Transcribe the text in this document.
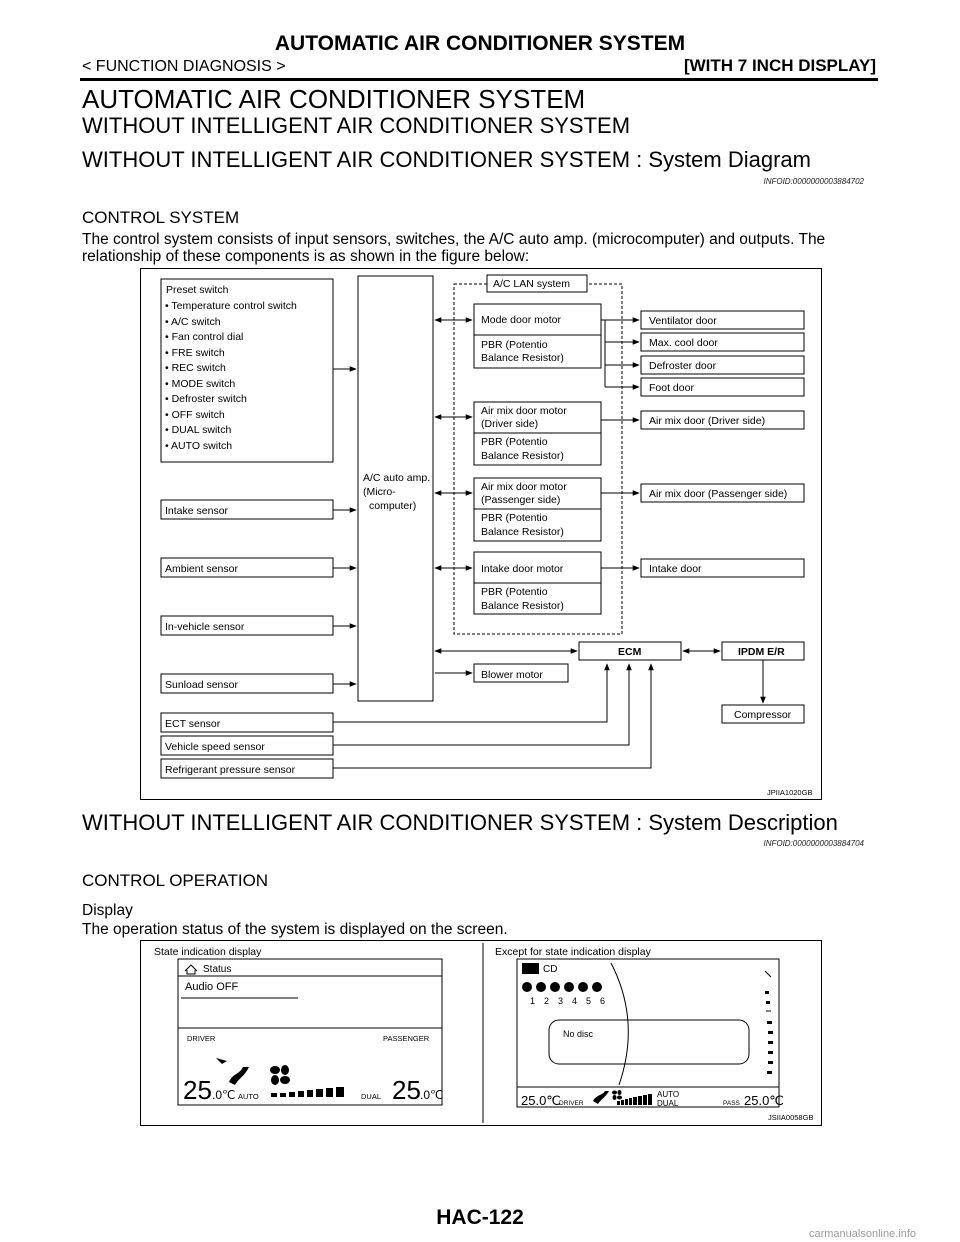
AUTOMATIC AIR CONDITIONER SYSTEM
< FUNCTION DIAGNOSIS >	[WITH 7 INCH DISPLAY]
AUTOMATIC AIR CONDITIONER SYSTEM
WITHOUT INTELLIGENT AIR CONDITIONER SYSTEM
WITHOUT INTELLIGENT AIR CONDITIONER SYSTEM : System Diagram
INFOID:0000000003884702
CONTROL SYSTEM
The control system consists of input sensors, switches, the A/C auto amp. (microcomputer) and outputs. The relationship of these components is as shown in the figure below:
Preset switch
• Temperature control switch
• A/C switch
• Fan control dial
• FRE switch
• REC switch
• MODE switch
• Defroster switch
• OFF switch
• DUAL switch
• AUTO switch
Intake sensor
Ambient sensor
In-vehicle sensor
Sunload sensor
ECT sensor
Vehicle speed sensor
Refrigerant pressure sensor
A/C auto amp.
(Micro-
computer)
A/C LAN system
Mode door motor
PBR (Potentio
Balance Resistor)
Air mix door motor
(Driver side)
PBR (Potentio
Balance Resistor)
Air mix door motor
(Passenger side)
PBR (Potentio
Balance Resistor)
Intake door motor
PBR (Potentio
Balance Resistor)
Ventilator door
Max. cool door
Defroster door
Foot door
Air mix door (Driver side)
Air mix door (Passenger side)
Intake door
Blower motor
ECM	IPDM E/R
Compressor
JPIIA1020GB
WITHOUT INTELLIGENT AIR CONDITIONER SYSTEM : System Description
INFOID:0000000003884704
CONTROL OPERATION
Display
The operation status of the system is displayed on the screen.
State indication display	Except for state indication display
Status
Audio OFF
DRIVER	PASSENGER
25 .0℃ AUTO	DUAL 25 .0℃
CD
1 2 3 4 5 6
No disc
25.0℃
DRIVER
AUTO
DUAL	PASS 25.0℃
JSIIA0058GB
HAC-122
carmanualsonline.info
